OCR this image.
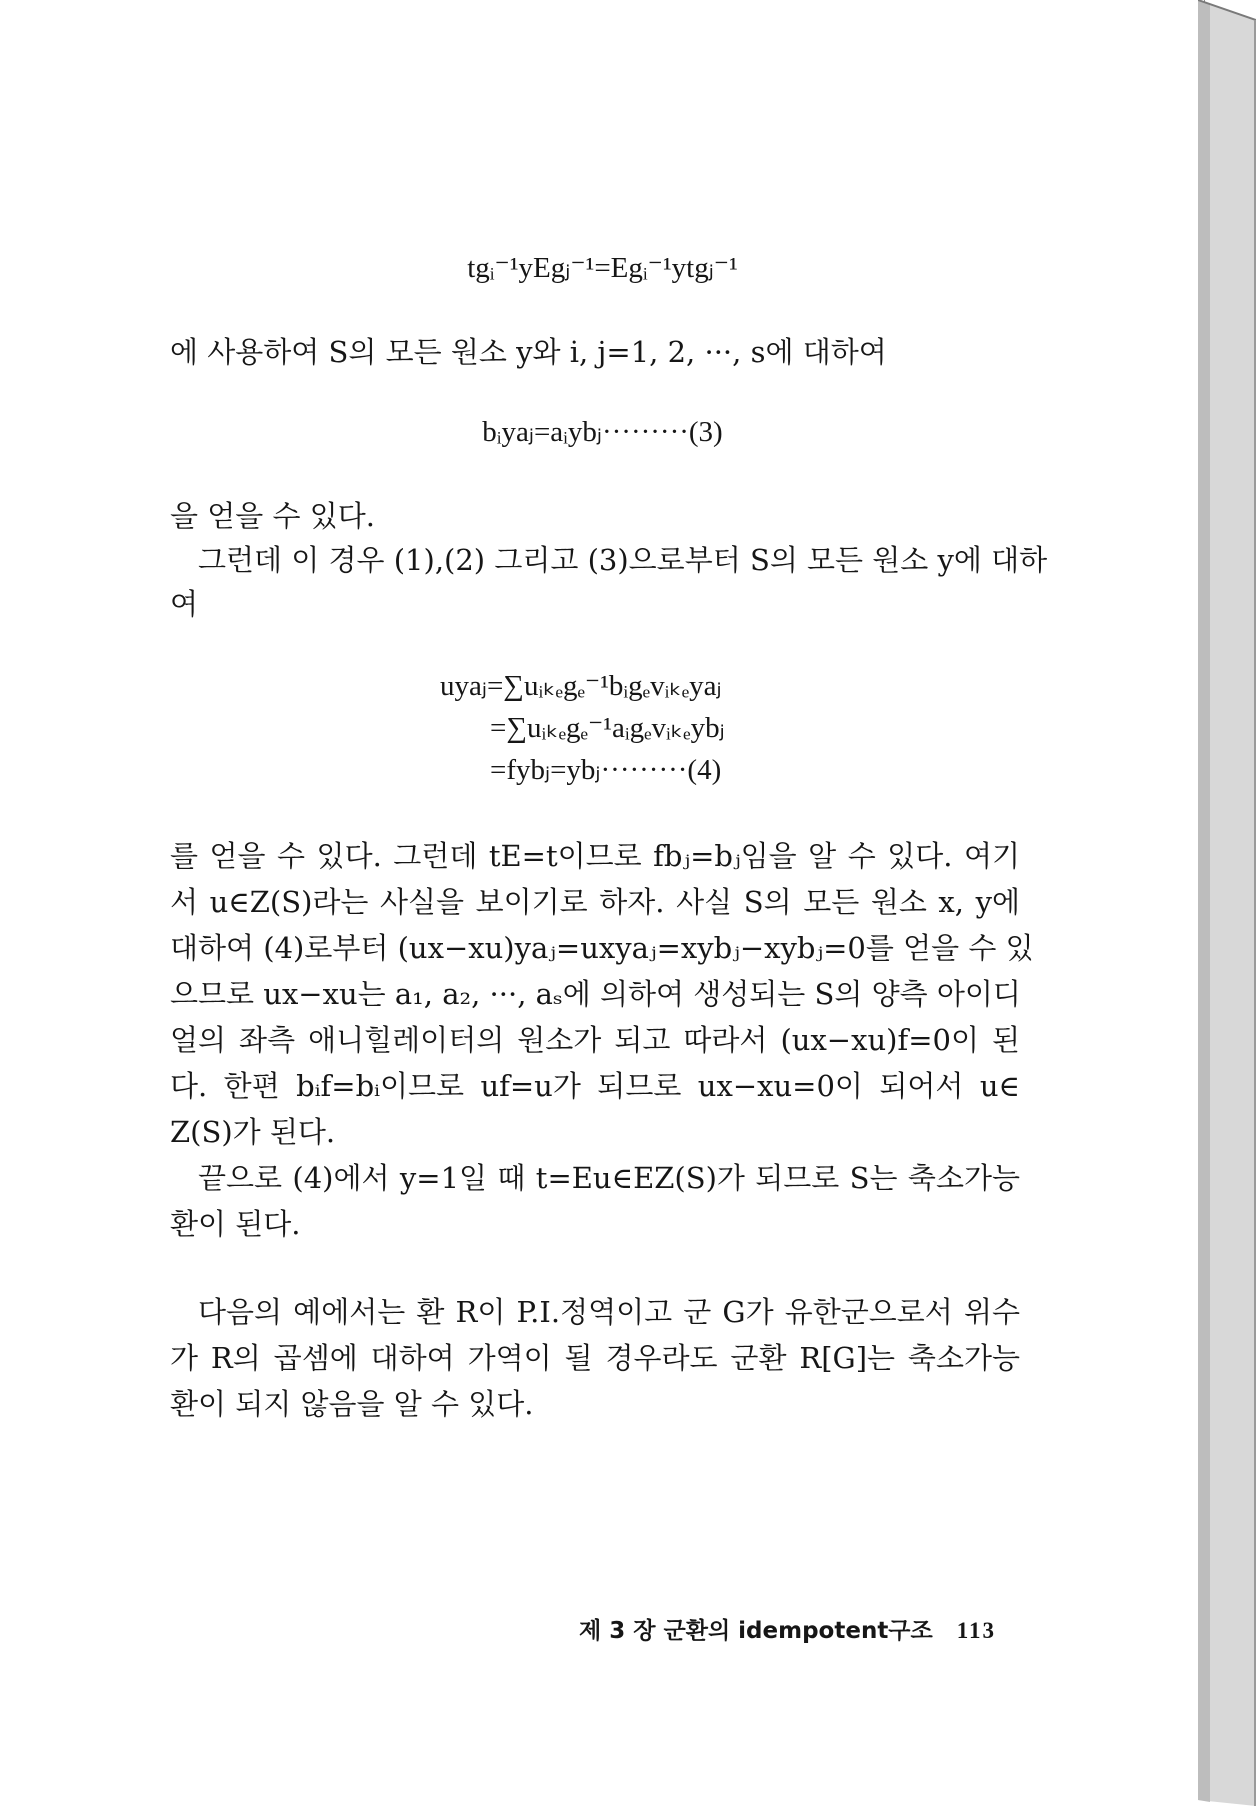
tgᵢ⁻¹yEgⱼ⁻¹=Egᵢ⁻¹ytgⱼ⁻¹
에 사용하여 S의 모든 원소 y와 i, j=1, 2, ···, s에 대하여
bᵢyaⱼ=aᵢybⱼ·········(3)
을 얻을 수 있다.
그런데 이 경우 (1),(2) 그리고 (3)으로부터 S의 모든 원소 y에 대하
여
uyaⱼ=∑uᵢₖₑgₑ⁻¹bᵢgₑvᵢₖₑyaⱼ
=∑uᵢₖₑgₑ⁻¹aᵢgₑvᵢₖₑybⱼ
=fybⱼ=ybⱼ·········(4)
를 얻을 수 있다. 그런데 tE=t이므로 fbⱼ=bⱼ임을 알 수 있다. 여기
서 u∈Z(S)라는 사실을 보이기로 하자. 사실 S의 모든 원소 x, y에
대하여 (4)로부터 (ux−xu)yaⱼ=uxyaⱼ=xybⱼ−xybⱼ=0를 얻을 수 있
으므로 ux−xu는 a₁, a₂, ···, aₛ에 의하여 생성되는 S의 양측 아이디
얼의 좌측 애니힐레이터의 원소가 되고 따라서 (ux−xu)f=0이 된
다. 한편 bᵢf=bᵢ이므로 uf=u가 되므로 ux−xu=0이 되어서 u∈
Z(S)가 된다.
끝으로 (4)에서 y=1일 때 t=Eu∈EZ(S)가 되므로 S는 축소가능
환이 된다.
다음의 예에서는 환 R이 P.I.정역이고 군 G가 유한군으로서 위수
가 R의 곱셈에 대하여 가역이 될 경우라도 군환 R[G]는 축소가능
환이 되지 않음을 알 수 있다.
제 3 장 군환의 idempotent구조 113
